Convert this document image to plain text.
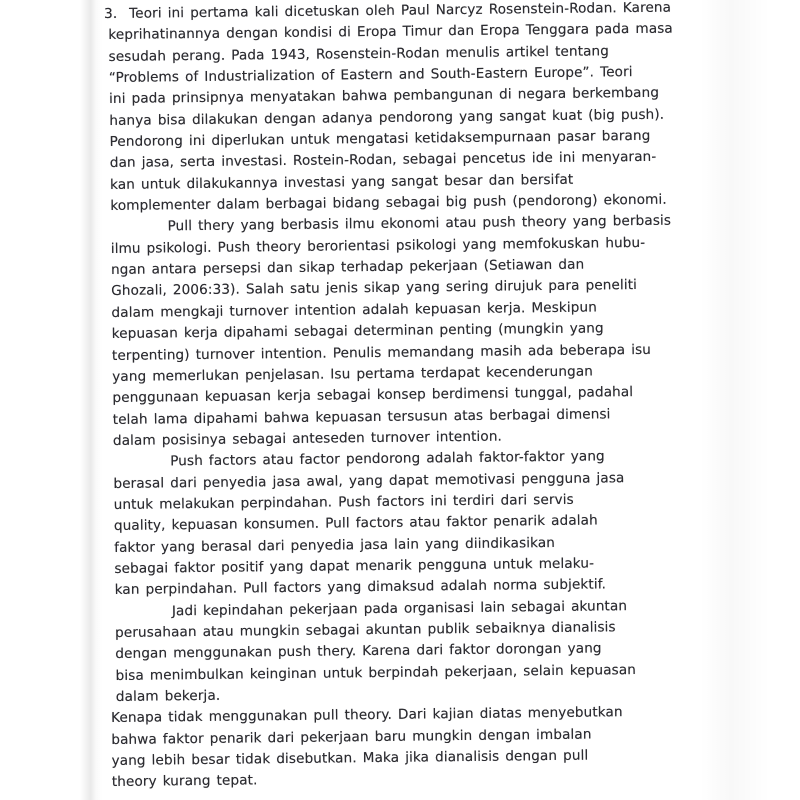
3. Teori ini pertama kali dicetuskan oleh Paul Narcyz Rosenstein-Rodan. Karena
keprihatinannya dengan kondisi di Eropa Timur dan Eropa Tenggara pada masa
sesudah perang. Pada 1943, Rosenstein-Rodan menulis artikel tentang
“Problems of Industrialization of Eastern and South-Eastern Europe”. Teori
ini pada prinsipnya menyatakan bahwa pembangunan di negara berkembang
hanya bisa dilakukan dengan adanya pendorong yang sangat kuat (big push).
Pendorong ini diperlukan untuk mengatasi ketidaksempurnaan pasar barang
dan jasa, serta investasi. Rostein-Rodan, sebagai pencetus ide ini menyaran-
kan untuk dilakukannya investasi yang sangat besar dan bersifat
komplementer dalam berbagai bidang sebagai big push (pendorong) ekonomi.
Pull thery yang berbasis ilmu ekonomi atau push theory yang berbasis
ilmu psikologi. Push theory berorientasi psikologi yang memfokuskan hubu-
ngan antara persepsi dan sikap terhadap pekerjaan (Setiawan dan
Ghozali, 2006:33). Salah satu jenis sikap yang sering dirujuk para peneliti
dalam mengkaji turnover intention adalah kepuasan kerja. Meskipun
kepuasan kerja dipahami sebagai determinan penting (mungkin yang
terpenting) turnover intention. Penulis memandang masih ada beberapa isu
yang memerlukan penjelasan. Isu pertama terdapat kecenderungan
penggunaan kepuasan kerja sebagai konsep berdimensi tunggal, padahal
telah lama dipahami bahwa kepuasan tersusun atas berbagai dimensi
dalam posisinya sebagai anteseden turnover intention.
Push factors atau factor pendorong adalah faktor-faktor yang
berasal dari penyedia jasa awal, yang dapat memotivasi pengguna jasa
untuk melakukan perpindahan. Push factors ini terdiri dari servis
quality, kepuasan konsumen. Pull factors atau faktor penarik adalah
faktor yang berasal dari penyedia jasa lain yang diindikasikan
sebagai faktor positif yang dapat menarik pengguna untuk melaku-
kan perpindahan. Pull factors yang dimaksud adalah norma subjektif.
Jadi kepindahan pekerjaan pada organisasi lain sebagai akuntan
perusahaan atau mungkin sebagai akuntan publik sebaiknya dianalisis
dengan menggunakan push thery. Karena dari faktor dorongan yang
bisa menimbulkan keinginan untuk berpindah pekerjaan, selain kepuasan
dalam bekerja.
Kenapa tidak menggunakan pull theory. Dari kajian diatas menyebutkan
bahwa faktor penarik dari pekerjaan baru mungkin dengan imbalan
yang lebih besar tidak disebutkan. Maka jika dianalisis dengan pull
theory kurang tepat.
